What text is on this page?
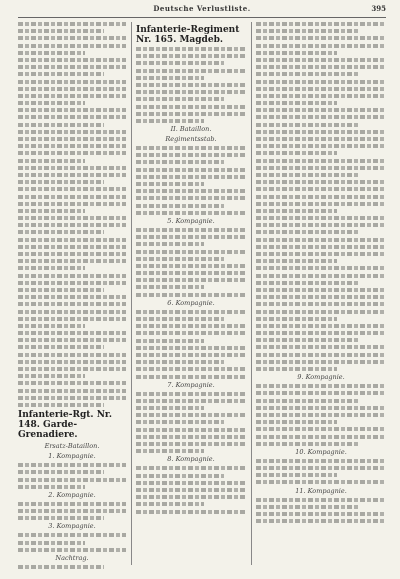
Deutsche Verlustliste.	395
Infanterie-Rgt. Nr. 148. Garde-Grenadiere.
Ersatz-Bataillon.
1. Kompagnie.
2. Kompagnie.
3. Kompagnie.
Nachtrag.
Infanterie-Regiment Nr. 165. Magdeb.
II. Bataillon.
Regimentsstab.
5. Kompagnie.
6. Kompagnie.
7. Kompagnie.
8. Kompagnie.
9. Kompagnie.
10. Kompagnie.
11. Kompagnie.
